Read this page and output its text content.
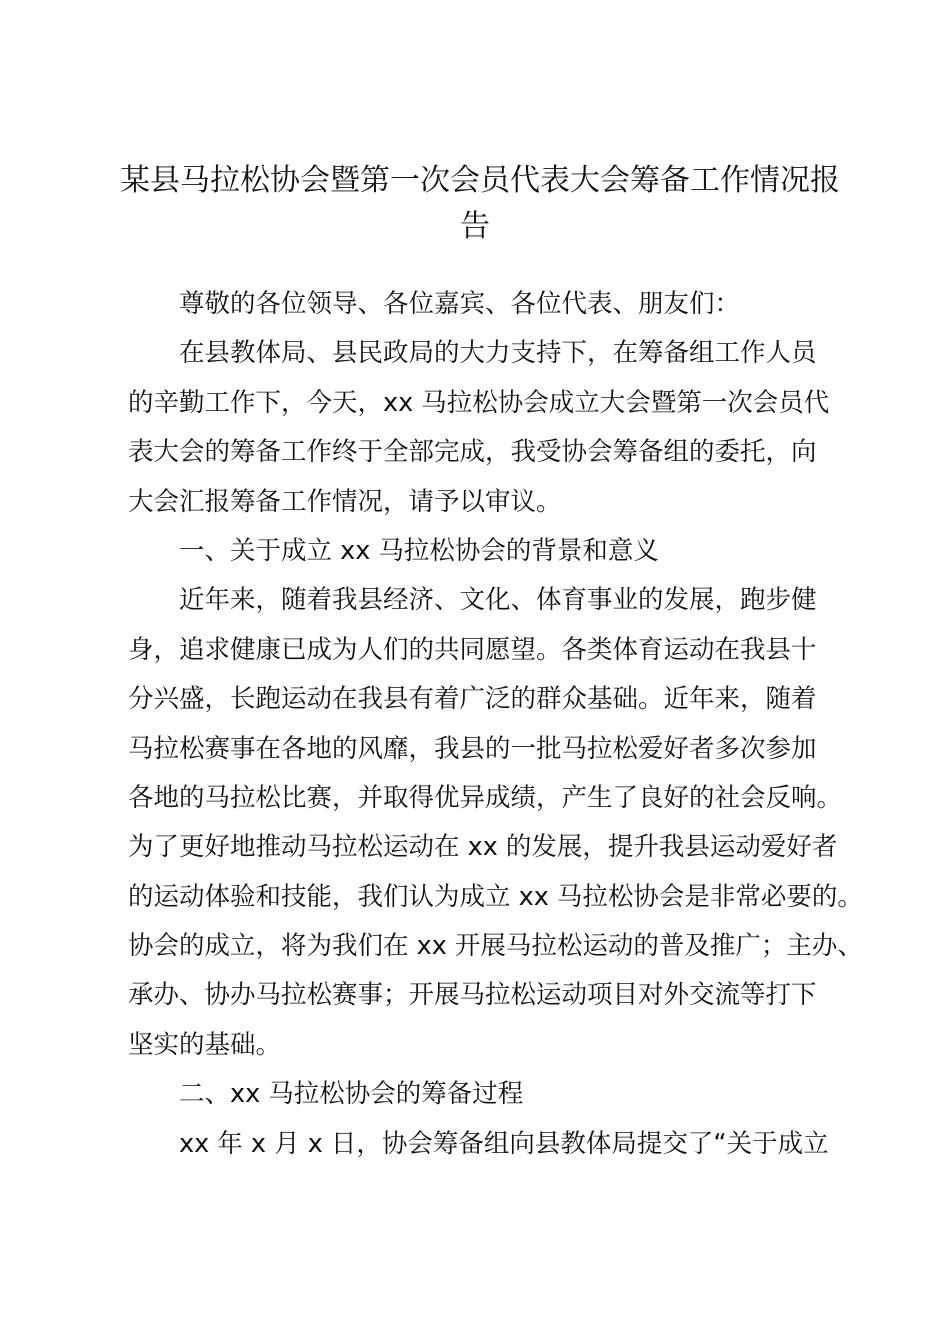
某县马拉松协会暨第一次会员代表大会筹备工作情况报
告
尊敬的各位领导、各位嘉宾、各位代表、朋友们：
在县教体局、县民政局的大力支持下，在筹备组工作人员
的辛勤工作下，今天，xx 马拉松协会成立大会暨第一次会员代
表大会的筹备工作终于全部完成，我受协会筹备组的委托，向
大会汇报筹备工作情况，请予以审议。
一、关于成立 xx 马拉松协会的背景和意义
近年来，随着我县经济、文化、体育事业的发展，跑步健
身，追求健康已成为人们的共同愿望。各类体育运动在我县十
分兴盛，长跑运动在我县有着广泛的群众基础。近年来，随着
马拉松赛事在各地的风靡，我县的一批马拉松爱好者多次参加
各地的马拉松比赛，并取得优异成绩，产生了良好的社会反响。
为了更好地推动马拉松运动在 xx 的发展，提升我县运动爱好者
的运动体验和技能，我们认为成立 xx 马拉松协会是非常必要的。
协会的成立，将为我们在 xx 开展马拉松运动的普及推广；主办、
承办、协办马拉松赛事；开展马拉松运动项目对外交流等打下
坚实的基础。
二、xx 马拉松协会的筹备过程
xx 年 x 月 x 日，协会筹备组向县教体局提交了“关于成立
